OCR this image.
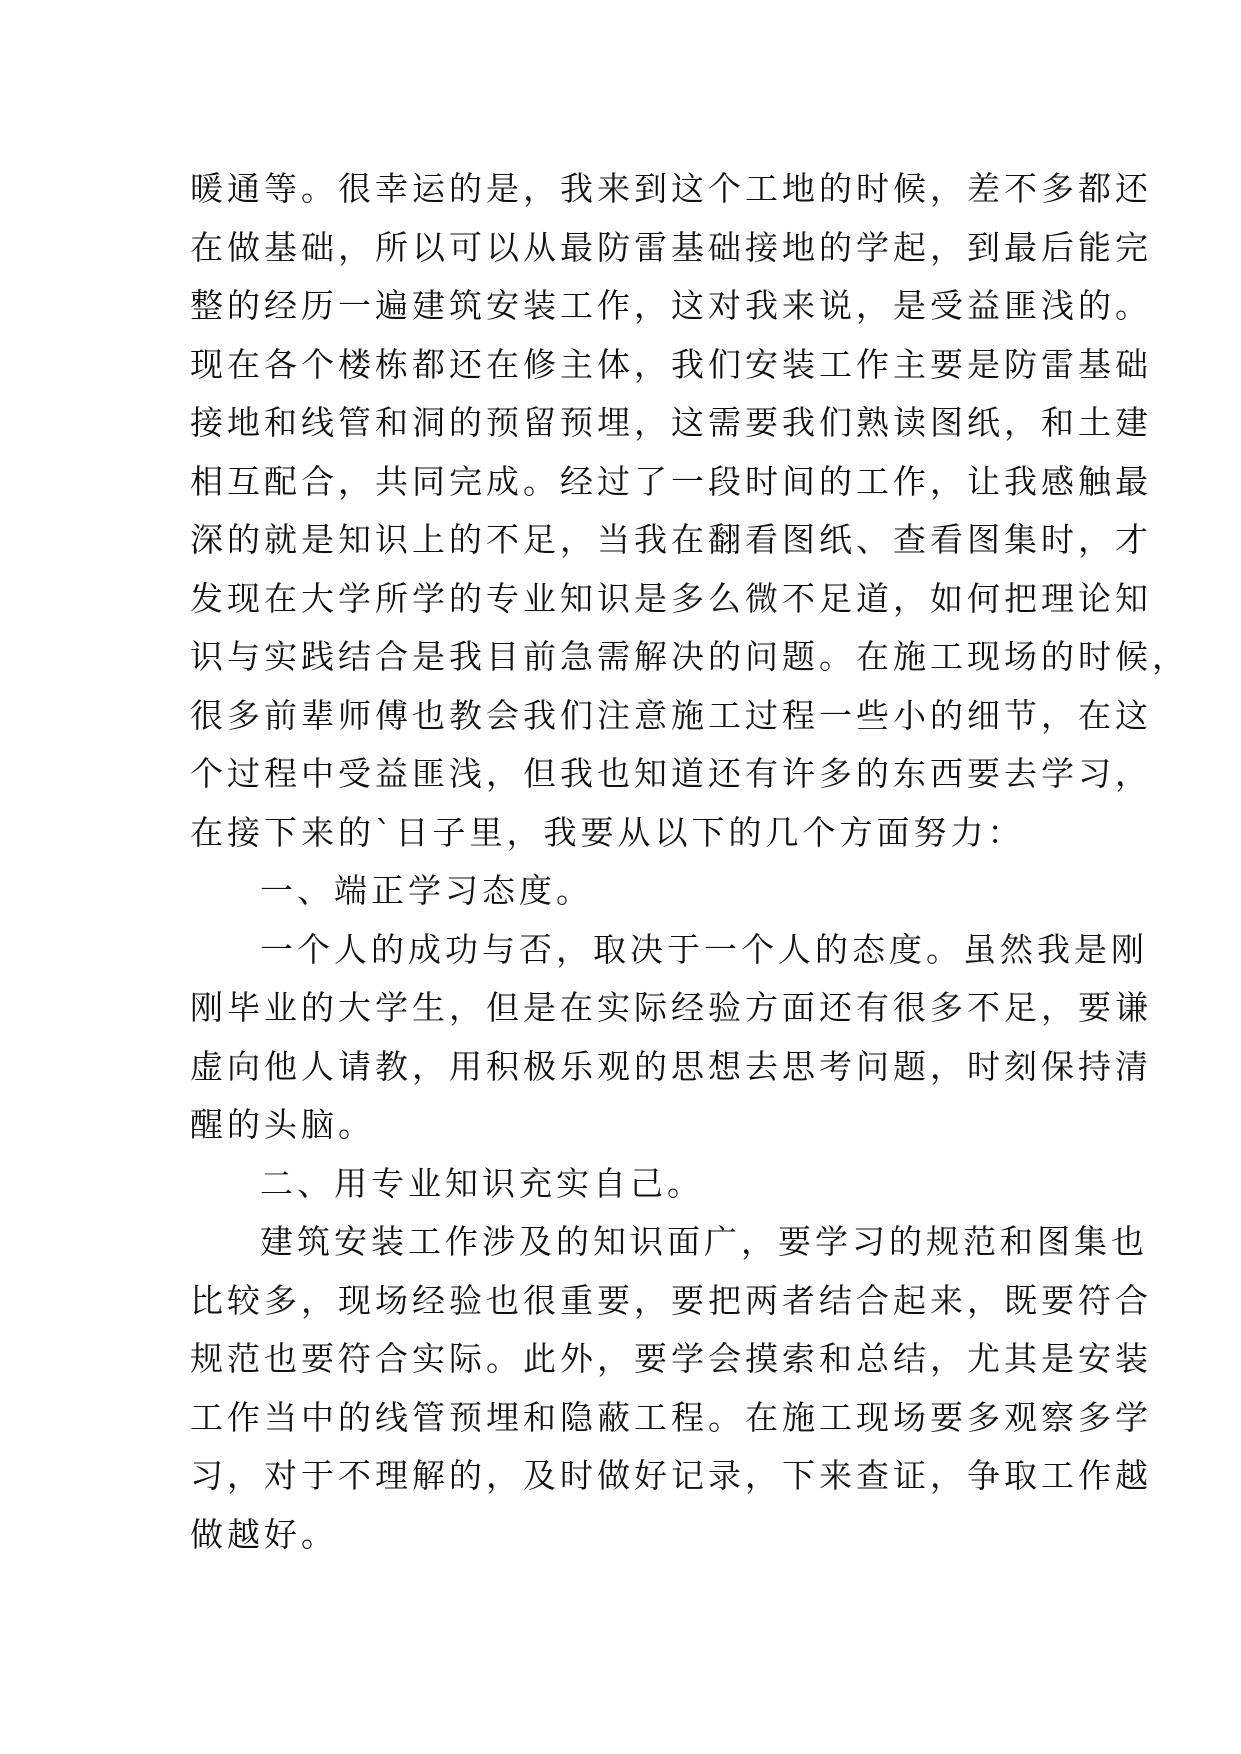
暖通等。很幸运的是，我来到这个工地的时候，差不多都还
在做基础，所以可以从最防雷基础接地的学起，到最后能完
整的经历一遍建筑安装工作，这对我来说，是受益匪浅的。
现在各个楼栋都还在修主体，我们安装工作主要是防雷基础
接地和线管和洞的预留预埋，这需要我们熟读图纸，和土建
相互配合，共同完成。经过了一段时间的工作，让我感触最
深的就是知识上的不足，当我在翻看图纸、查看图集时，才
发现在大学所学的专业知识是多么微不足道，如何把理论知
识与实践结合是我目前急需解决的问题。在施工现场的时候，
很多前辈师傅也教会我们注意施工过程一些小的细节，在这
个过程中受益匪浅，但我也知道还有许多的东西要去学习，
在接下来的`日子里，我要从以下的几个方面努力：
一、端正学习态度。
一个人的成功与否，取决于一个人的态度。虽然我是刚
刚毕业的大学生，但是在实际经验方面还有很多不足，要谦
虚向他人请教，用积极乐观的思想去思考问题，时刻保持清
醒的头脑。
二、用专业知识充实自己。
建筑安装工作涉及的知识面广，要学习的规范和图集也
比较多，现场经验也很重要，要把两者结合起来，既要符合
规范也要符合实际。此外，要学会摸索和总结，尤其是安装
工作当中的线管预埋和隐蔽工程。在施工现场要多观察多学
习，对于不理解的，及时做好记录，下来查证，争取工作越
做越好。
